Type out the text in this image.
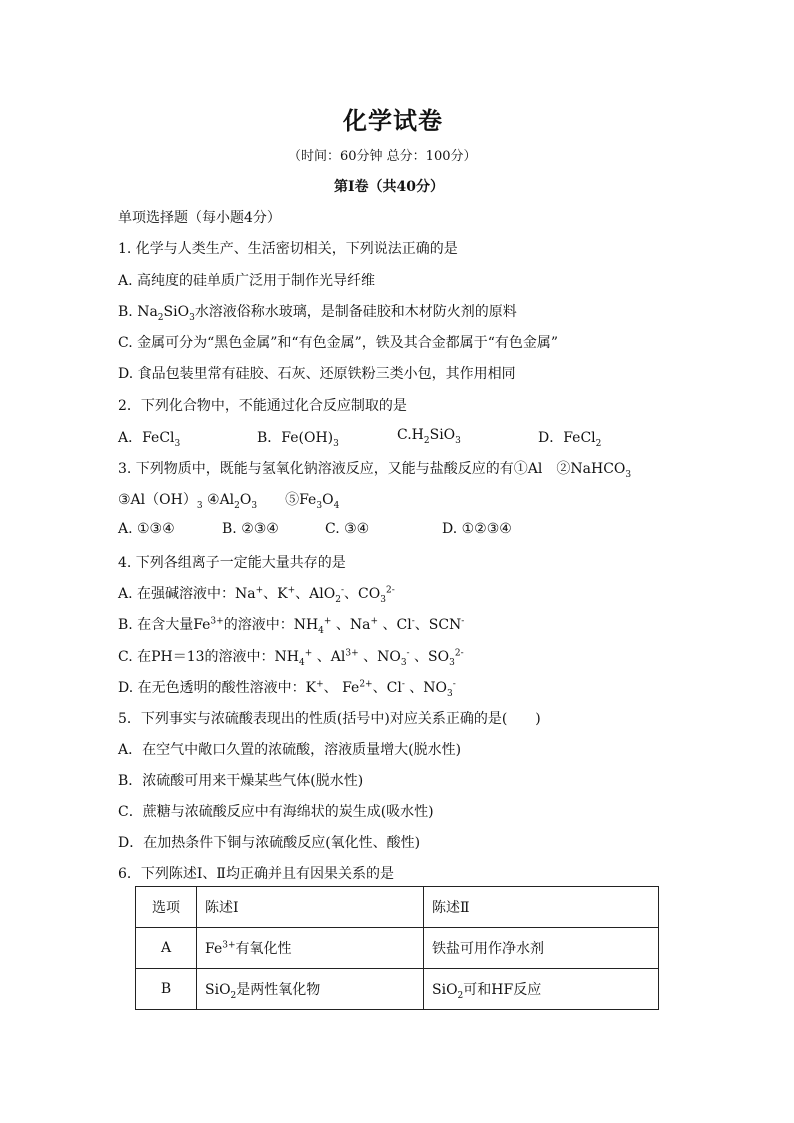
化学试卷
（时间：60分钟 总分：100分）
第Ⅰ卷（共40分）
单项选择题（每小题4分）
1. 化学与人类生产、生活密切相关，下列说法正确的是
A. 高纯度的硅单质广泛用于制作光导纤维
B. $Na_2SiO_3$水溶液俗称水玻璃，是制备硅胶和木材防火剂的原料
C. 金属可分为“黑色金属”和“有色金属”，铁及其合金都属于“有色金属”
D. 食品包装里常有硅胶、石灰、还原铁粉三类小包，其作用相同
2．下列化合物中，不能通过化合反应制取的是
A．FeCl$_3$	B．$Fe(OH)_3$
$C.H_2SiO_3$	D．FeCl$_2$
3. 下列物质中，既能与氢氧化钠溶液反应，又能与盐酸反应的有①Al　②NaHCO$_3$
$③Al(OH)_3$ $④Al_2O_3$　　 $⑤Fe_3O_4$
A. ①③④	B. ②③④	C. ③④	D. ①②③④
4. 下列各组离子一定能大量共存的是
A. 在强碱溶液中：Na+、K+、AlO$_2$-、$CO_3^{2-}$
B. 在含大量$Fe^{3+}$的溶液中：$NH_4^+$ 、Na+ 、Cl-、SCN-
C. 在PH＝13的溶液中：$NH_4^+$ 、$Al^{3+}$ 、$NO_3^-$ 、$SO_3^{2-}$
D. 在无色透明的酸性溶液中：K+、 $Fe^{2+}$、Cl- 、$NO_3^-$
5．下列事实与浓硫酸表现出的性质(括号中)对应关系正确的是(　　)
A．在空气中敞口久置的浓硫酸，溶液质量增大(脱水性)
B．浓硫酸可用来干燥某些气体(脱水性)
C．蔗糖与浓硫酸反应中有海绵状的炭生成(吸水性)
D．在加热条件下铜与浓硫酸反应(氧化性、酸性)
6．下列陈述Ⅰ、Ⅱ均正确并且有因果关系的是
选项	陈述Ⅰ	陈述Ⅱ
A	$Fe^{3+}$有氧化性	铁盐可用作净水剂
B	SiO$_2$是两性氧化物	SiO$_2$可和HF反应
